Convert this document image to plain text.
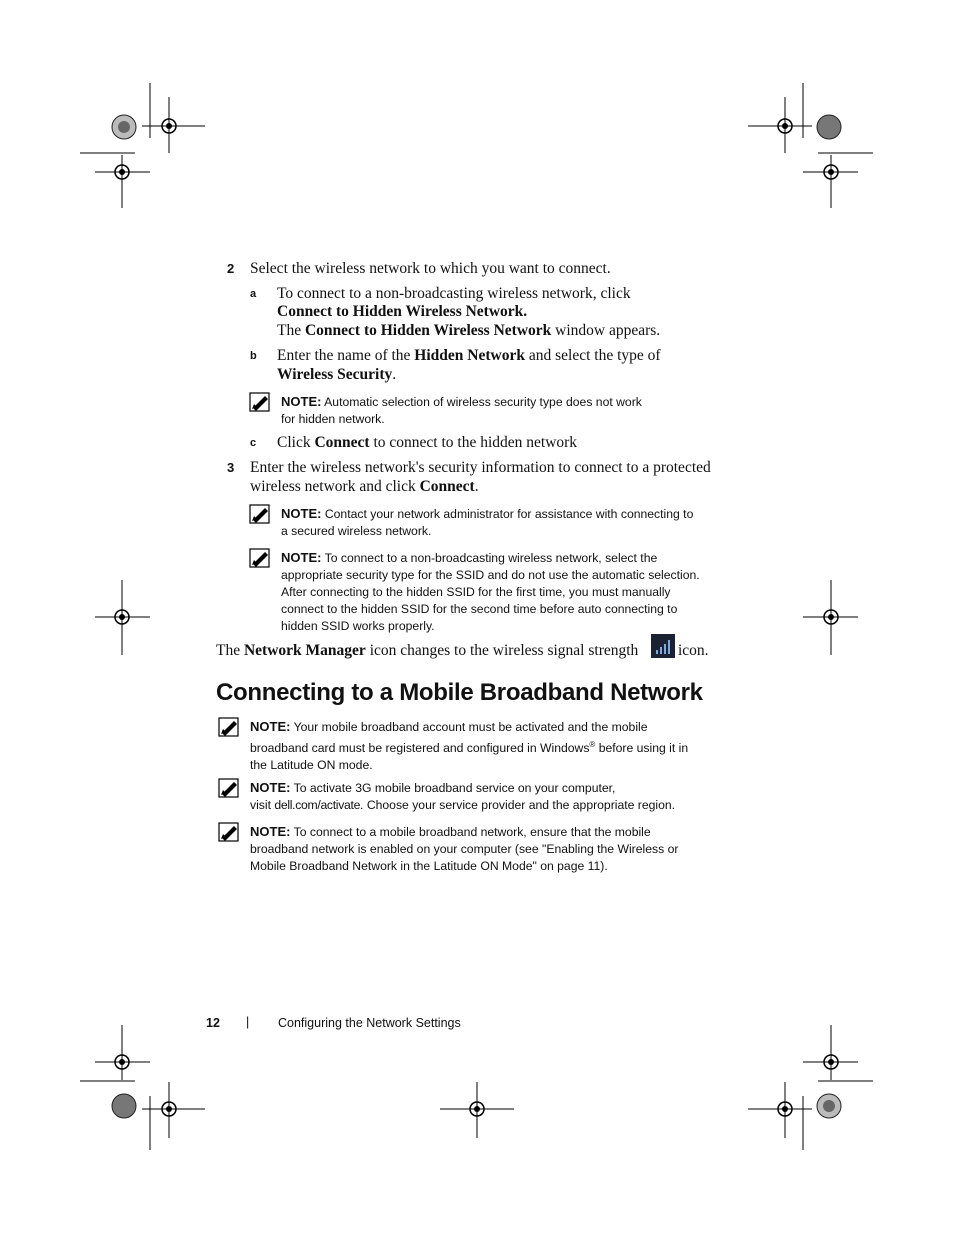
2 Select the wireless network to which you want to connect.
a To connect to a non-broadcasting wireless network, click
Connect to Hidden Wireless Network.
The Connect to Hidden Wireless Network window appears.
b Enter the name of the Hidden Network and select the type of
Wireless Security.
NOTE: Automatic selection of wireless security type does not work
for hidden network.
c Click Connect to connect to the hidden network
3 Enter the wireless network's security information to connect to a protected
wireless network and click Connect.
NOTE: Contact your network administrator for assistance with connecting to
a secured wireless network.
NOTE: To connect to a non-broadcasting wireless network, select the
appropriate security type for the SSID and do not use the automatic selection.
After connecting to the hidden SSID for the first time, you must manually
connect to the hidden SSID for the second time before auto connecting to
hidden SSID works properly.
The Network Manager icon changes to the wireless signal strength	icon.
Connecting to a Mobile Broadband Network
NOTE: Your mobile broadband account must be activated and the mobile
broadband card must be registered and configured in Windows® before using it in
the Latitude ON mode.
NOTE: To activate 3G mobile broadband service on your computer,
visit dell.com/activate. Choose your service provider and the appropriate region.
NOTE: To connect to a mobile broadband network, ensure that the mobile
broadband network is enabled on your computer (see "Enabling the Wireless or
Mobile Broadband Network in the Latitude ON Mode" on page 11).
12 | Configuring the Network Settings
